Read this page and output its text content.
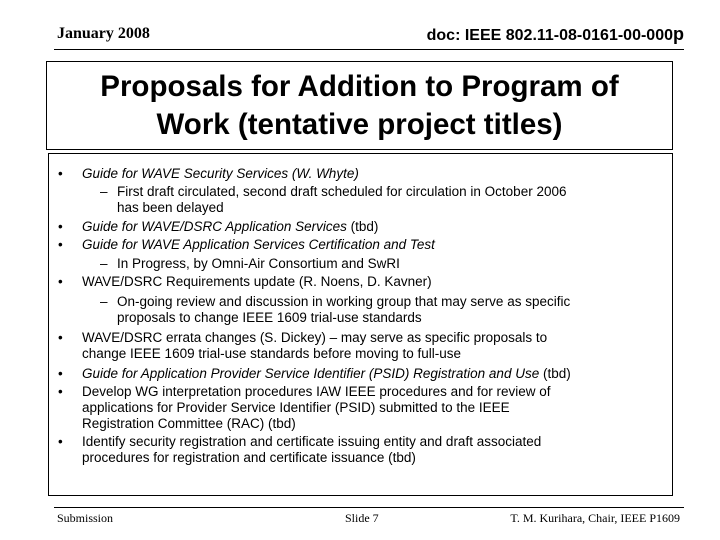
January 2008	doc: IEEE 802.11-08-0161-00-000p
Proposals for Addition to Program of
Work (tentative project titles)
• Guide for WAVE Security Services (W. Whyte)
– First draft circulated, second draft scheduled for circulation in October 2006
has been delayed
• Guide for WAVE/DSRC Application Services (tbd)
• Guide for WAVE Application Services Certification and Test
– In Progress, by Omni-Air Consortium and SwRI
• WAVE/DSRC Requirements update (R. Noens, D. Kavner)
– On-going review and discussion in working group that may serve as specific
proposals to change IEEE 1609 trial-use standards
• WAVE/DSRC errata changes (S. Dickey) – may serve as specific proposals to
change IEEE 1609 trial-use standards before moving to full-use
• Guide for Application Provider Service Identifier (PSID) Registration and Use (tbd)
• Develop WG interpretation procedures IAW IEEE procedures and for review of
applications for Provider Service Identifier (PSID) submitted to the IEEE
Registration Committee (RAC) (tbd)
• Identify security registration and certificate issuing entity and draft associated
procedures for registration and certificate issuance (tbd)
Submission	Slide 7	T. M. Kurihara, Chair, IEEE P1609
